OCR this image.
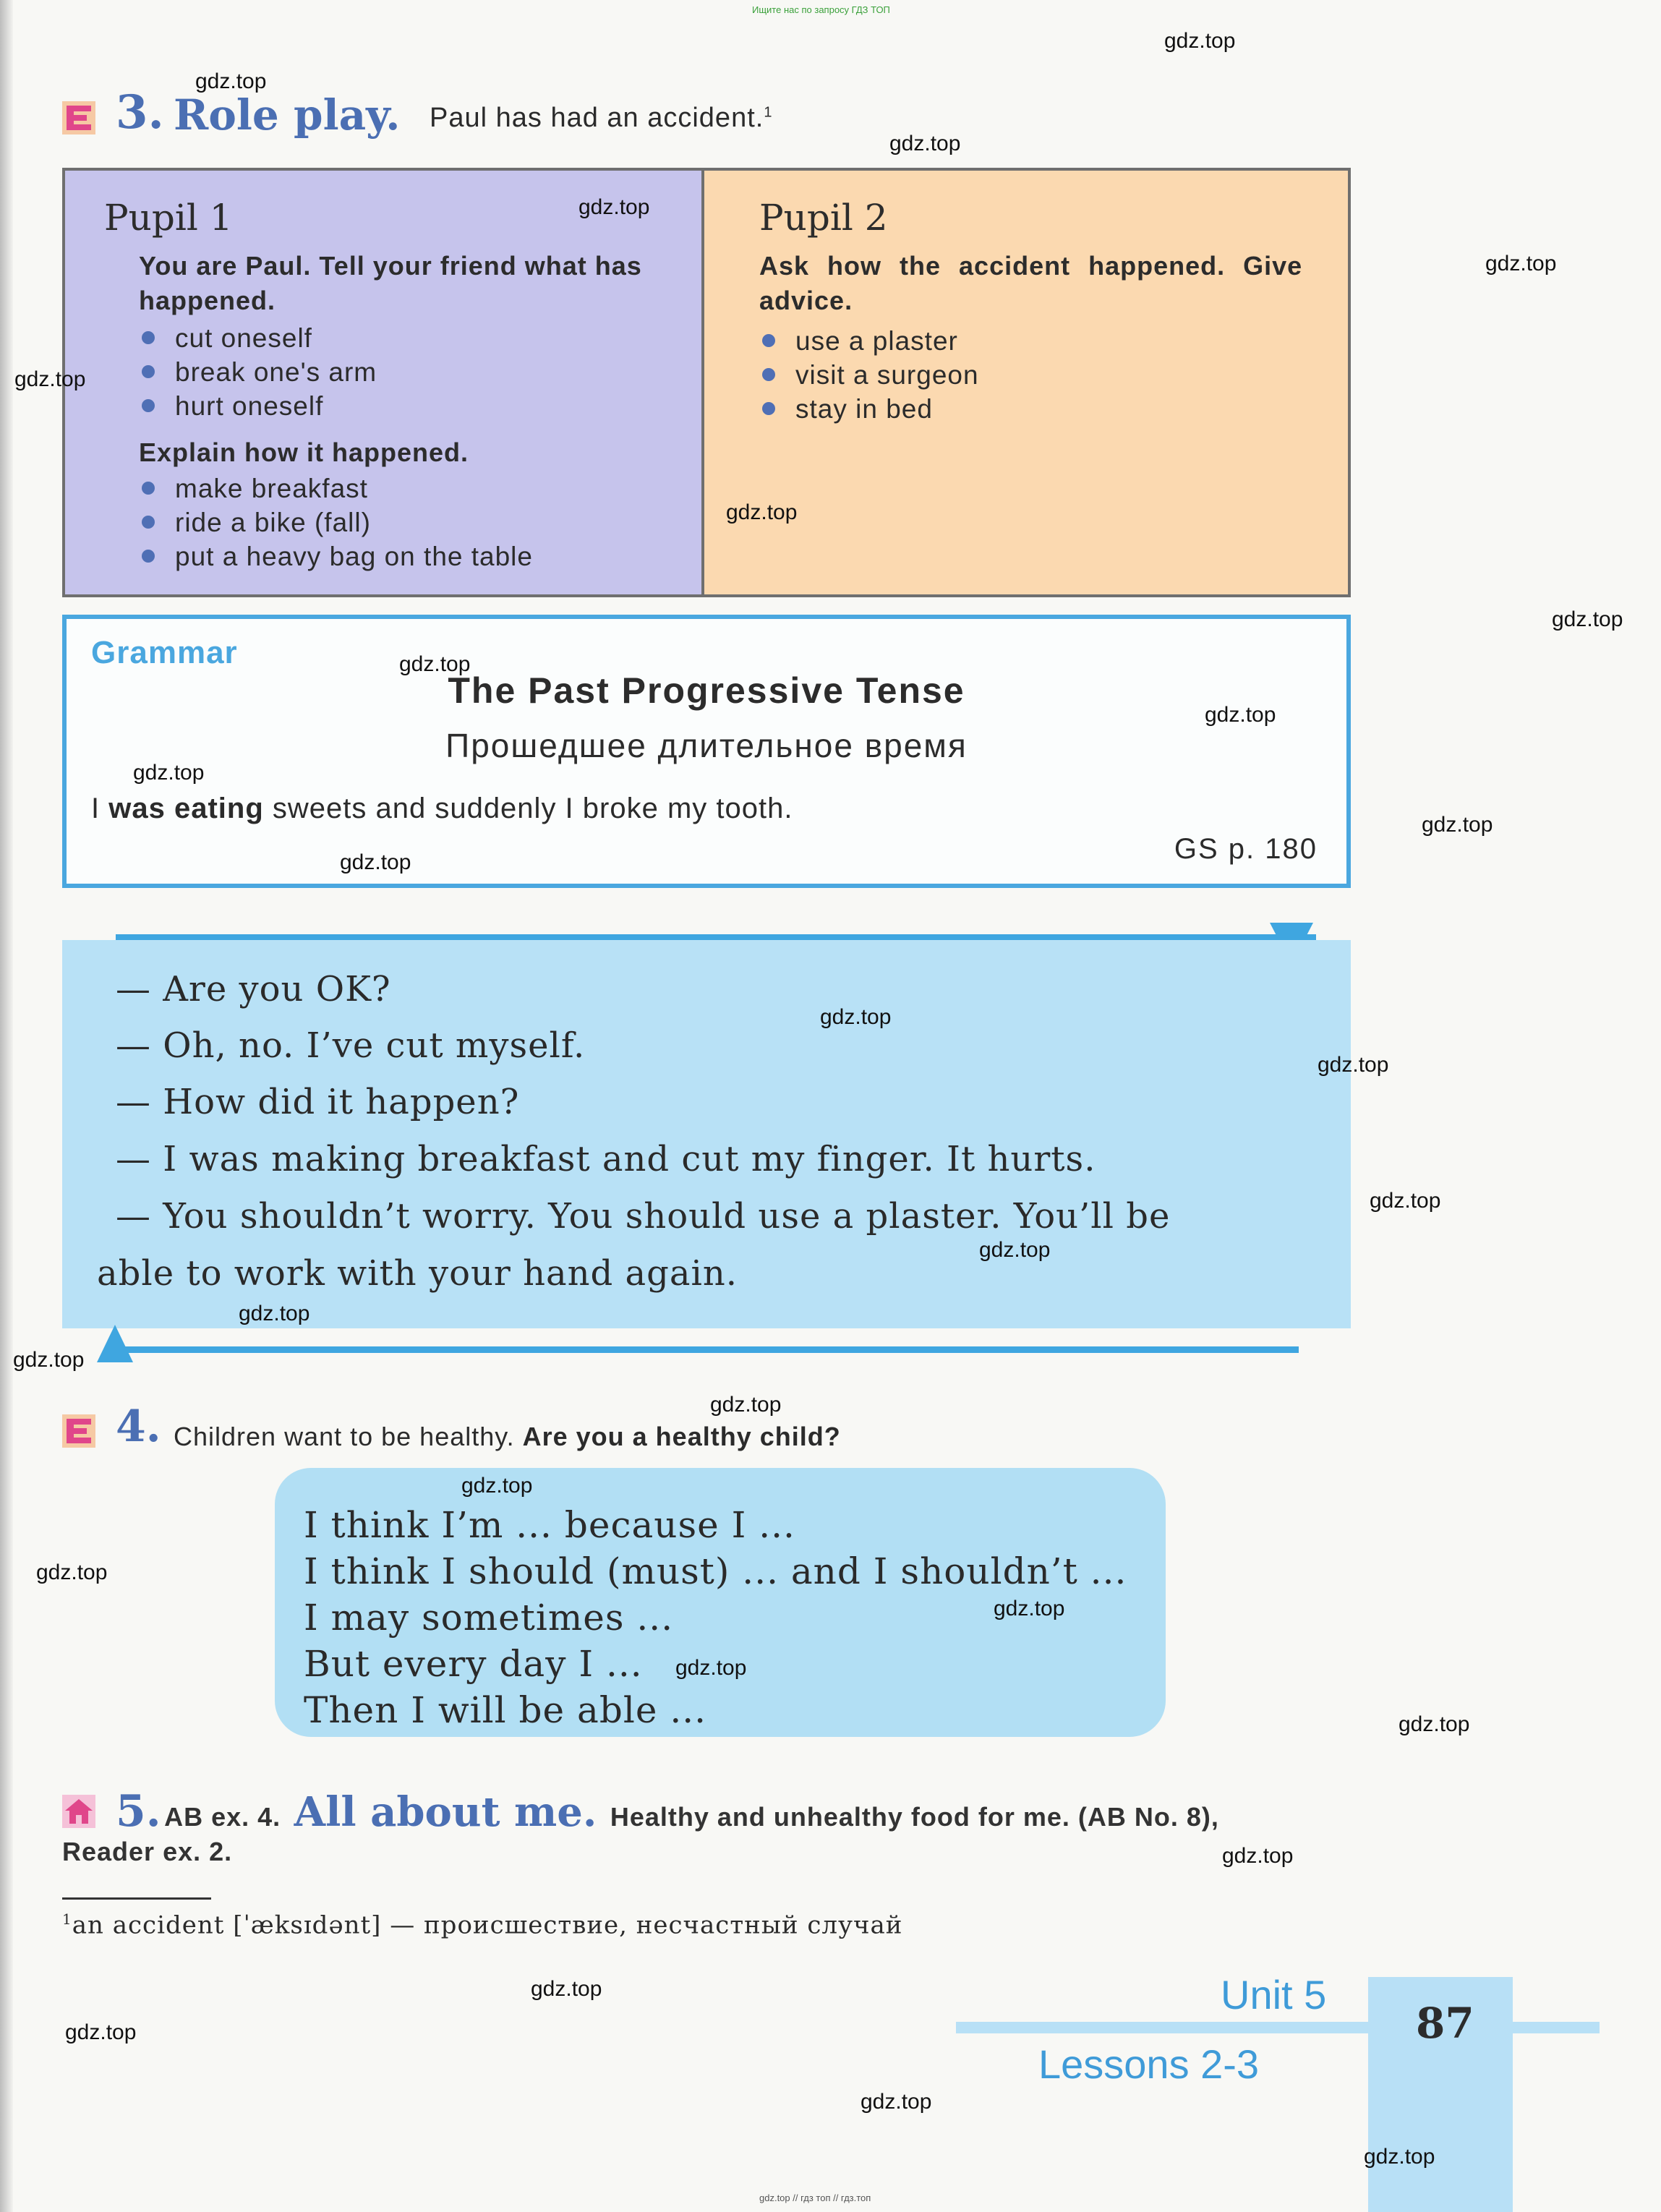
Ищите нас по запросу ГДЗ ТОП
gdz.top // гдз топ // гдз.топ
3. Role play. Paul has had an accident.$^1$
Pupil 1
You are Paul. Tell your friend what has happened.
cut oneself
break one's arm
hurt oneself
Explain how it happened.
make breakfast
ride a bike (fall)
put a heavy bag on the table
Pupil 2
Ask how the accident happened. Give advice.
use a plaster
visit a surgeon
stay in bed
Grammar
The Past Progressive Tense
Прошедшее длительное время
I was eating sweets and suddenly I broke my tooth.
GS p. 180
— Are you OK?
— Oh, no. I’ve cut myself.
— How did it happen?
— I was making breakfast and cut my finger. It hurts.
— You shouldn’t worry. You should use a plaster. You’ll be
able to work with your hand again.
4. Children want to be healthy. Are you a healthy child?
I think I’m ... because I ...
I think I should (must) ... and I shouldn’t ...
I may sometimes ...
But every day I ...
Then I will be able ...
5. AB ex. 4. All about me. Healthy and unhealthy food for me. (AB No. 8),
Reader ex. 2.
$^1$an accident [ˈæksɪdənt] — происшествие, несчастный случай
Unit 5
Lessons 2-3
87
gdz.top
gdz.top
gdz.top
gdz.top
gdz.top
gdz.top
gdz.top
gdz.top
gdz.top
gdz.top
gdz.top
gdz.top
gdz.top
gdz.top
gdz.top
gdz.top
gdz.top
gdz.top
gdz.top
gdz.top
gdz.top
gdz.top
gdz.top
gdz.top
gdz.top
gdz.top
gdz.top
gdz.top
gdz.top
gdz.top
